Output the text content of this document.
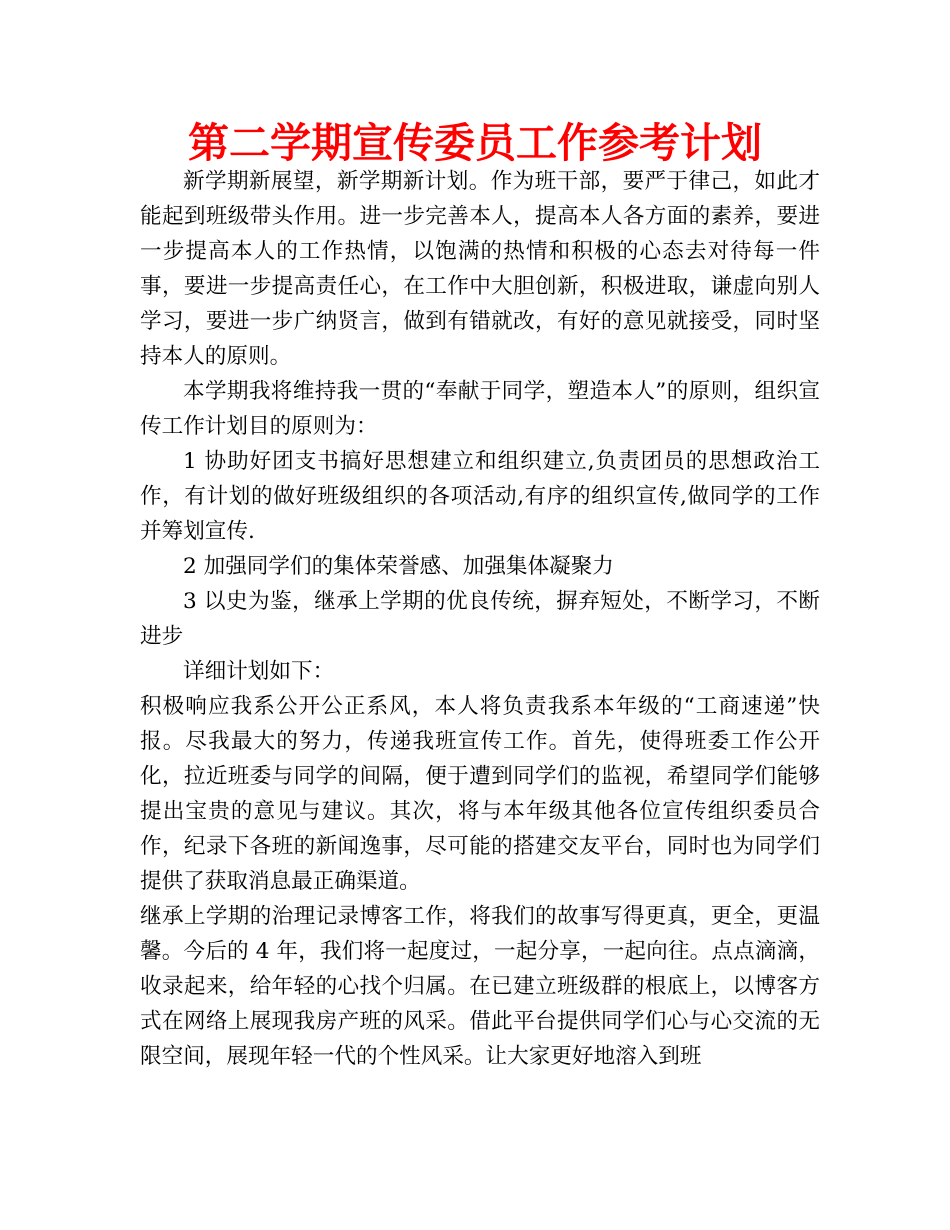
第二学期宣传委员工作参考计划

新学期新展望，新学期新计划。作为班干部，要严于律己，如此才能起到班级带头作用。进一步完善本人，提高本人各方面的素养，要进一步提高本人的工作热情，以饱满的热情和积极的心态去对待每一件事，要进一步提高责任心，在工作中大胆创新，积极进取，谦虚向别人学习，要进一步广纳贤言，做到有错就改，有好的意见就接受，同时坚持本人的原则。

本学期我将维持我一贯的“奉献于同学，塑造本人”的原则，组织宣传工作计划目的原则为：

1 协助好团支书搞好思想建立和组织建立,负责团员的思想政治工作，有计划的做好班级组织的各项活动,有序的组织宣传,做同学的工作并筹划宣传.

2 加强同学们的集体荣誉感、加强集体凝聚力

3 以史为鉴，继承上学期的优良传统，摒弃短处，不断学习，不断进步

详细计划如下：

积极响应我系公开公正系风，本人将负责我系本年级的“工商速递”快报。尽我最大的努力，传递我班宣传工作。首先，使得班委工作公开化，拉近班委与同学的间隔，便于遭到同学们的监视，希望同学们能够提出宝贵的意见与建议。其次，将与本年级其他各位宣传组织委员合作，纪录下各班的新闻逸事，尽可能的搭建交友平台，同时也为同学们提供了获取消息最正确渠道。

继承上学期的治理记录博客工作，将我们的故事写得更真，更全，更温馨。今后的 4 年，我们将一起度过，一起分享，一起向往。点点滴滴，收录起来，给年轻的心找个归属。在已建立班级群的根底上，以博客方式在网络上展现我房产班的风采。借此平台提供同学们心与心交流的无限空间，展现年轻一代的个性风采。让大家更好地溶入到班
